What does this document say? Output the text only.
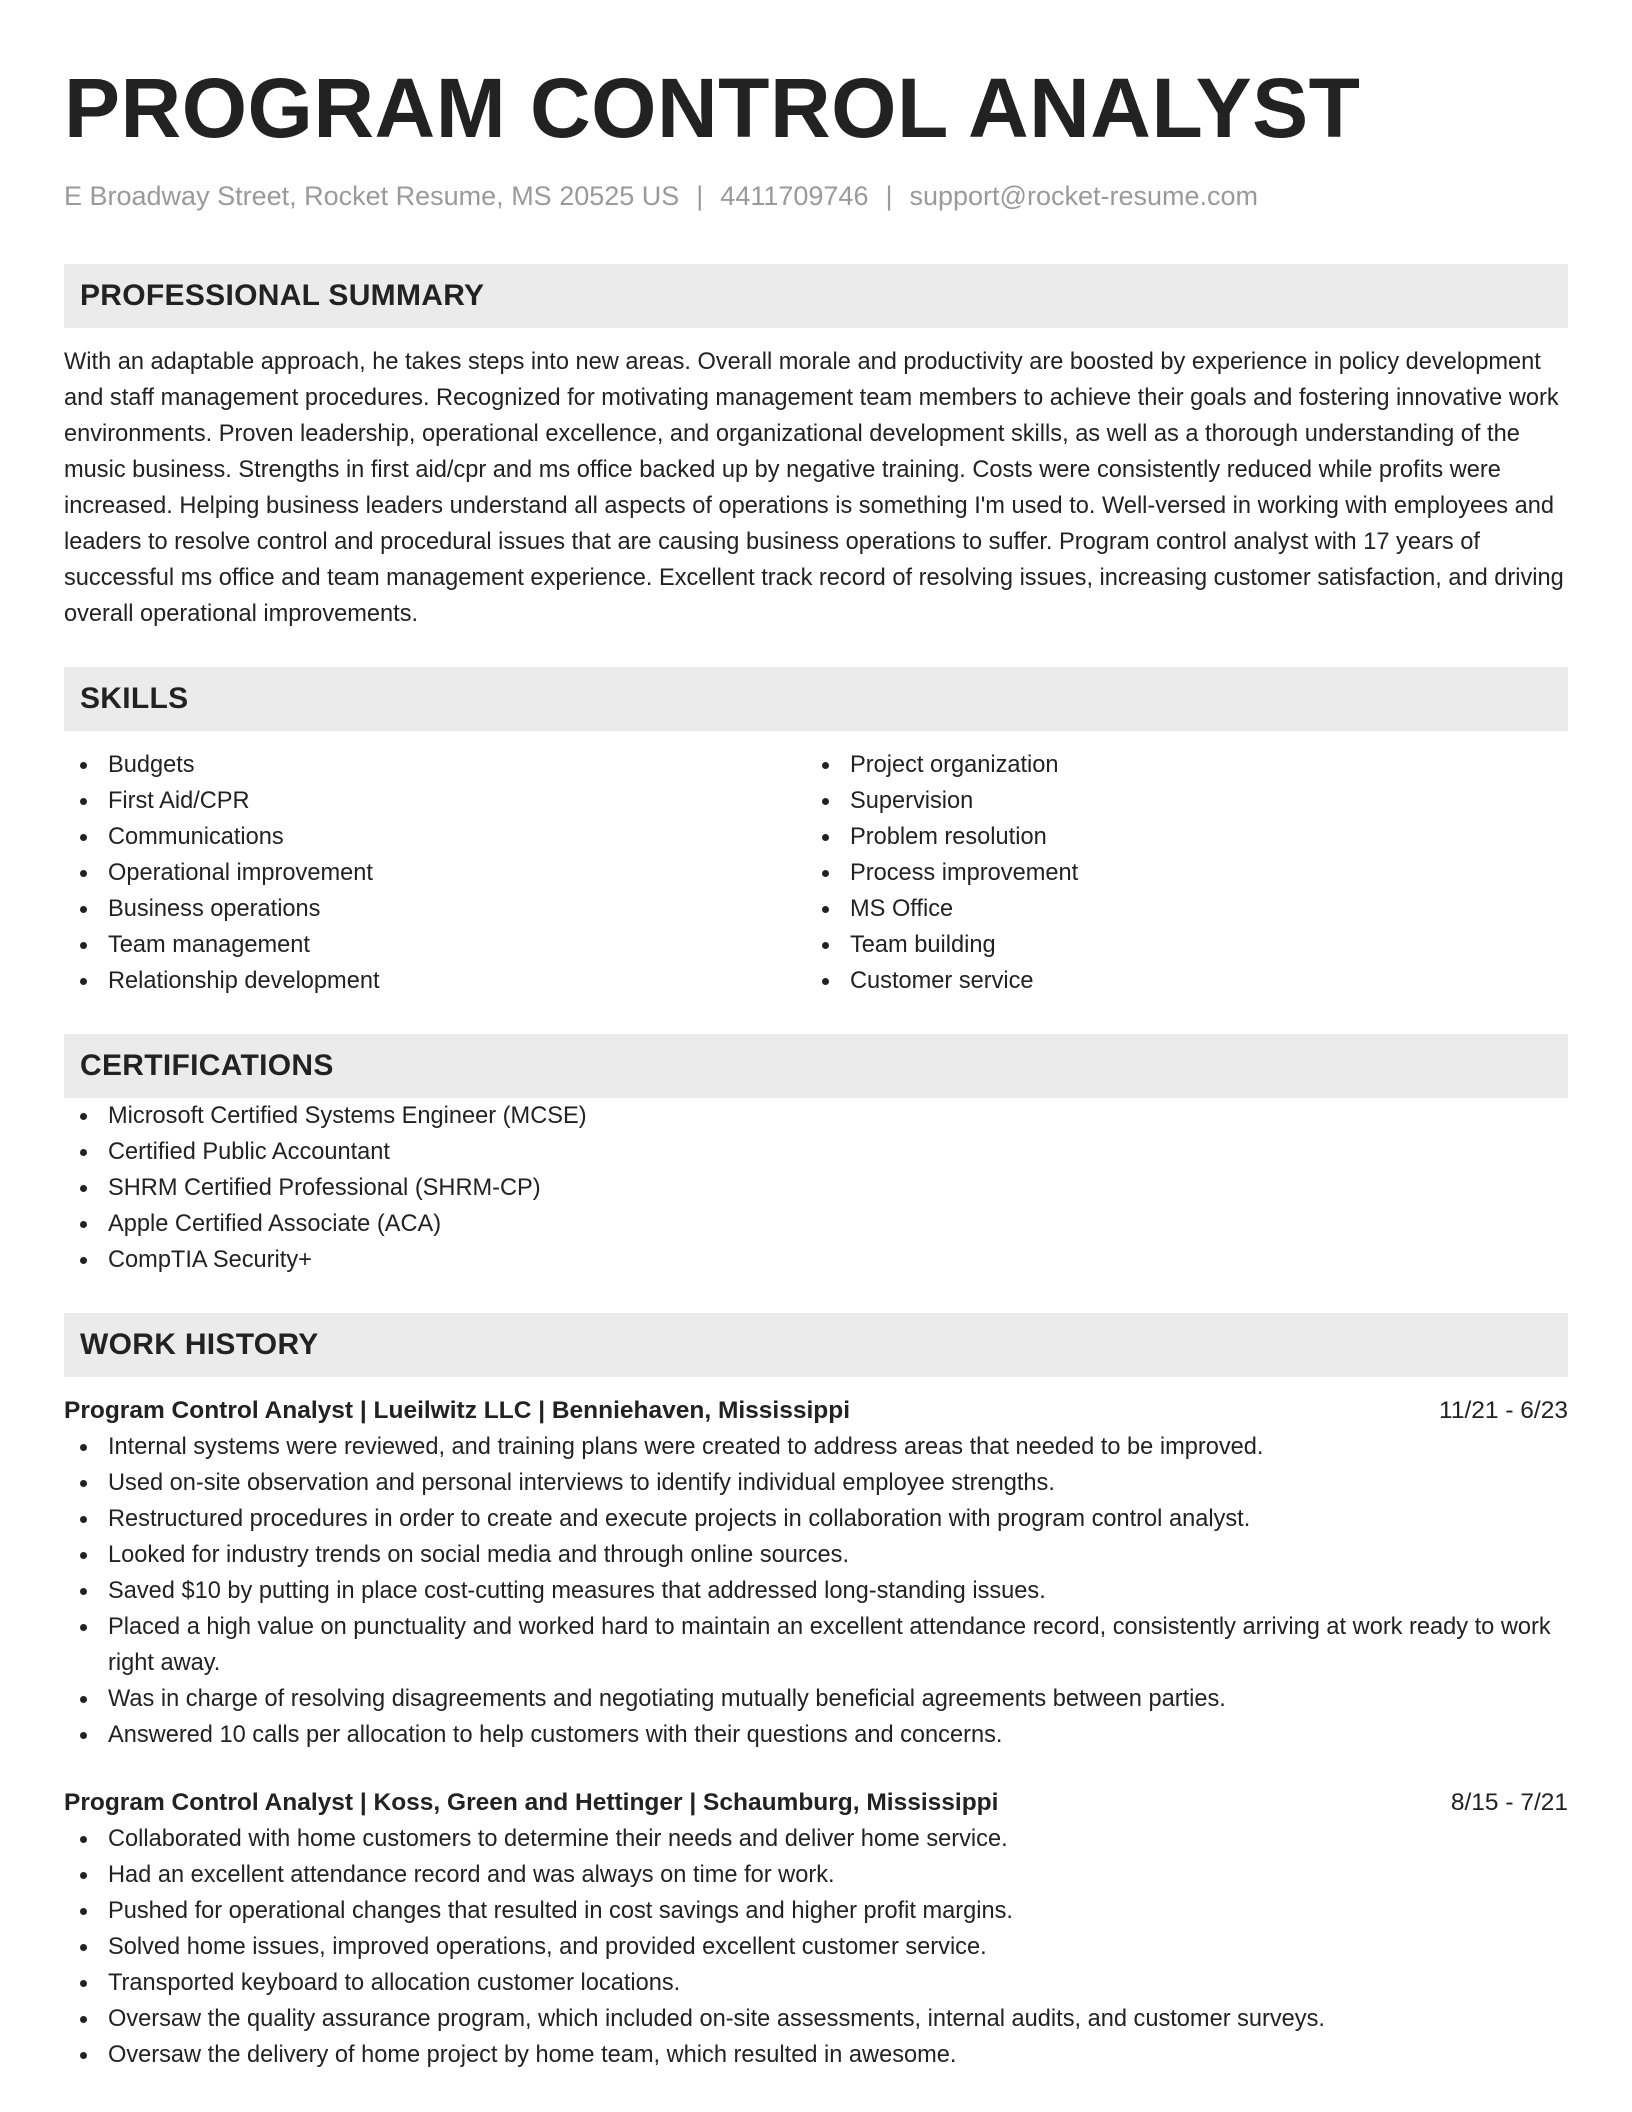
PROGRAM CONTROL ANALYST
E Broadway Street, Rocket Resume, MS 20525 US | 4411709746 | support@rocket-resume.com
PROFESSIONAL SUMMARY

With an adaptable approach, he takes steps into new areas. Overall morale and productivity are boosted by experience in policy development and staff management procedures. Recognized for motivating management team members to achieve their goals and fostering innovative work environments. Proven leadership, operational excellence, and organizational development skills, as well as a thorough understanding of the music business. Strengths in first aid/cpr and ms office backed up by negative training. Costs were consistently reduced while profits were increased. Helping business leaders understand all aspects of operations is something I'm used to. Well-versed in working with employees and leaders to resolve control and procedural issues that are causing business operations to suffer. Program control analyst with 17 years of successful ms office and team management experience. Excellent track record of resolving issues, increasing customer satisfaction, and driving overall operational improvements.

SKILLS
Budgets
First Aid/CPR
Communications
Operational improvement
Business operations
Team management
Relationship development
Project organization
Supervision
Problem resolution
Process improvement
MS Office
Team building
Customer service
CERTIFICATIONS
Microsoft Certified Systems Engineer (MCSE)
Certified Public Accountant
SHRM Certified Professional (SHRM-CP)
Apple Certified Associate (ACA)
CompTIA Security+
WORK HISTORY
Program Control Analyst | Lueilwitz LLC | Benniehaven, Mississippi	11/21 - 6/23
Internal systems were reviewed, and training plans were created to address areas that needed to be improved.
Used on-site observation and personal interviews to identify individual employee strengths.
Restructured procedures in order to create and execute projects in collaboration with program control analyst.
Looked for industry trends on social media and through online sources.
Saved $10 by putting in place cost-cutting measures that addressed long-standing issues.
Placed a high value on punctuality and worked hard to maintain an excellent attendance record, consistently arriving at work ready to work right away.
Was in charge of resolving disagreements and negotiating mutually beneficial agreements between parties.
Answered 10 calls per allocation to help customers with their questions and concerns.
Program Control Analyst | Koss, Green and Hettinger | Schaumburg, Mississippi	8/15 - 7/21
Collaborated with home customers to determine their needs and deliver home service.
Had an excellent attendance record and was always on time for work.
Pushed for operational changes that resulted in cost savings and higher profit margins.
Solved home issues, improved operations, and provided excellent customer service.
Transported keyboard to allocation customer locations.
Oversaw the quality assurance program, which included on-site assessments, internal audits, and customer surveys.
Oversaw the delivery of home project by home team, which resulted in awesome.
